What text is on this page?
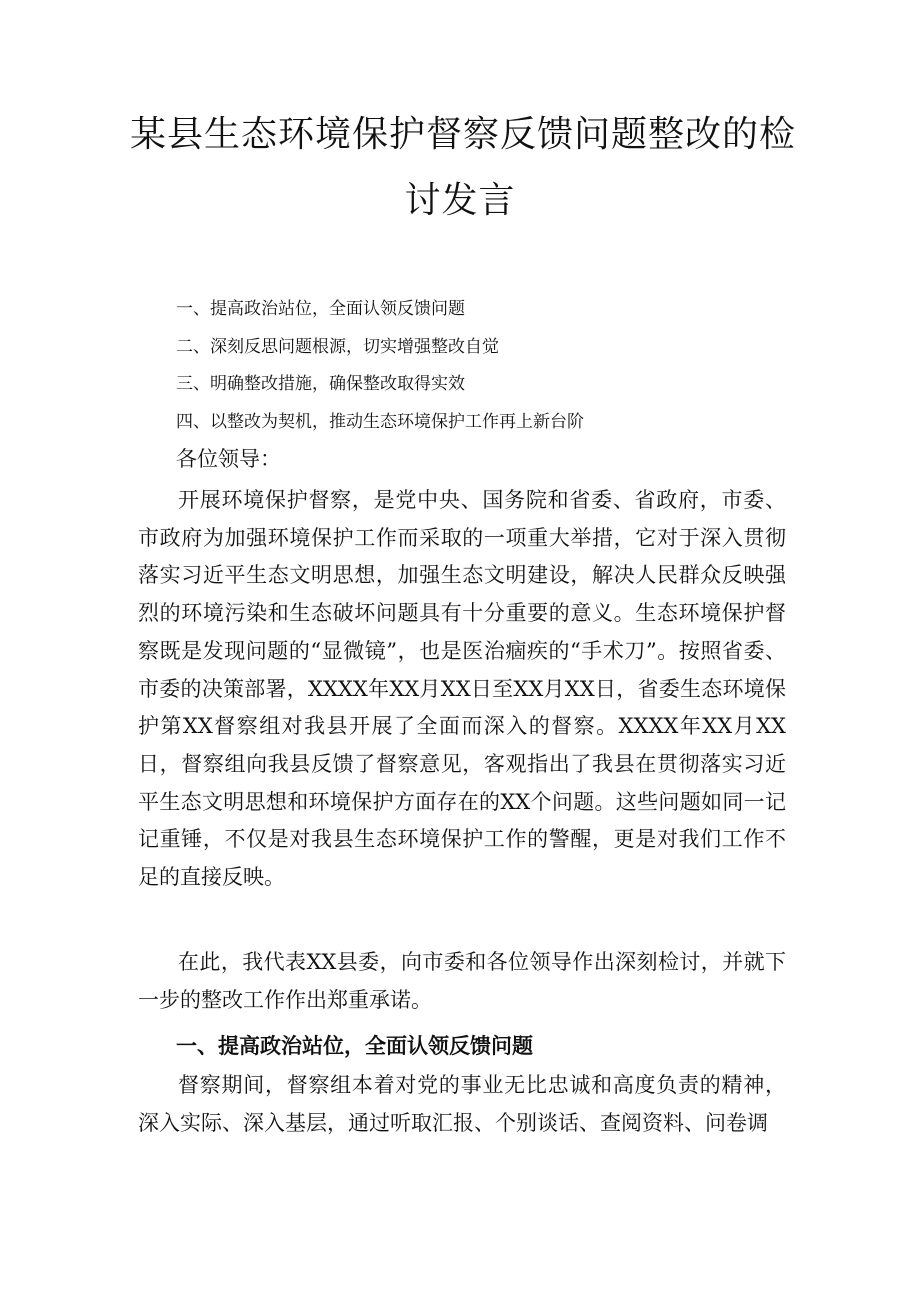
某县生态环境保护督察反馈问题整改的检
讨发言
一、提高政治站位，全面认领反馈问题
二、深刻反思问题根源，切实增强整改自觉
三、明确整改措施，确保整改取得实效
四、以整改为契机，推动生态环境保护工作再上新台阶

各位领导：

开展环境保护督察，是党中央、国务院和省委、省政府，市委、市政府为加强环境保护工作而采取的一项重大举措，它对于深入贯彻落实习近平生态文明思想，加强生态文明建设，解决人民群众反映强烈的环境污染和生态破坏问题具有十分重要的意义。生态环境保护督察既是发现问题的“显微镜”，也是医治痼疾的“手术刀”。按照省委、市委的决策部署，XXXX年XX月XX日至XX月XX日，省委生态环境保护第XX督察组对我县开展了全面而深入的督察。XXXX年XX月XX日，督察组向我县反馈了督察意见，客观指出了我县在贯彻落实习近平生态文明思想和环境保护方面存在的XX个问题。这些问题如同一记记重锤，不仅是对我县生态环境保护工作的警醒，更是对我们工作不足的直接反映。

在此，我代表XX县委，向市委和各位领导作出深刻检讨，并就下一步的整改工作作出郑重承诺。

一、提高政治站位，全面认领反馈问题

督察期间，督察组本着对党的事业无比忠诚和高度负责的精神，深入实际、深入基层，通过听取汇报、个别谈话、查阅资料、问卷调
